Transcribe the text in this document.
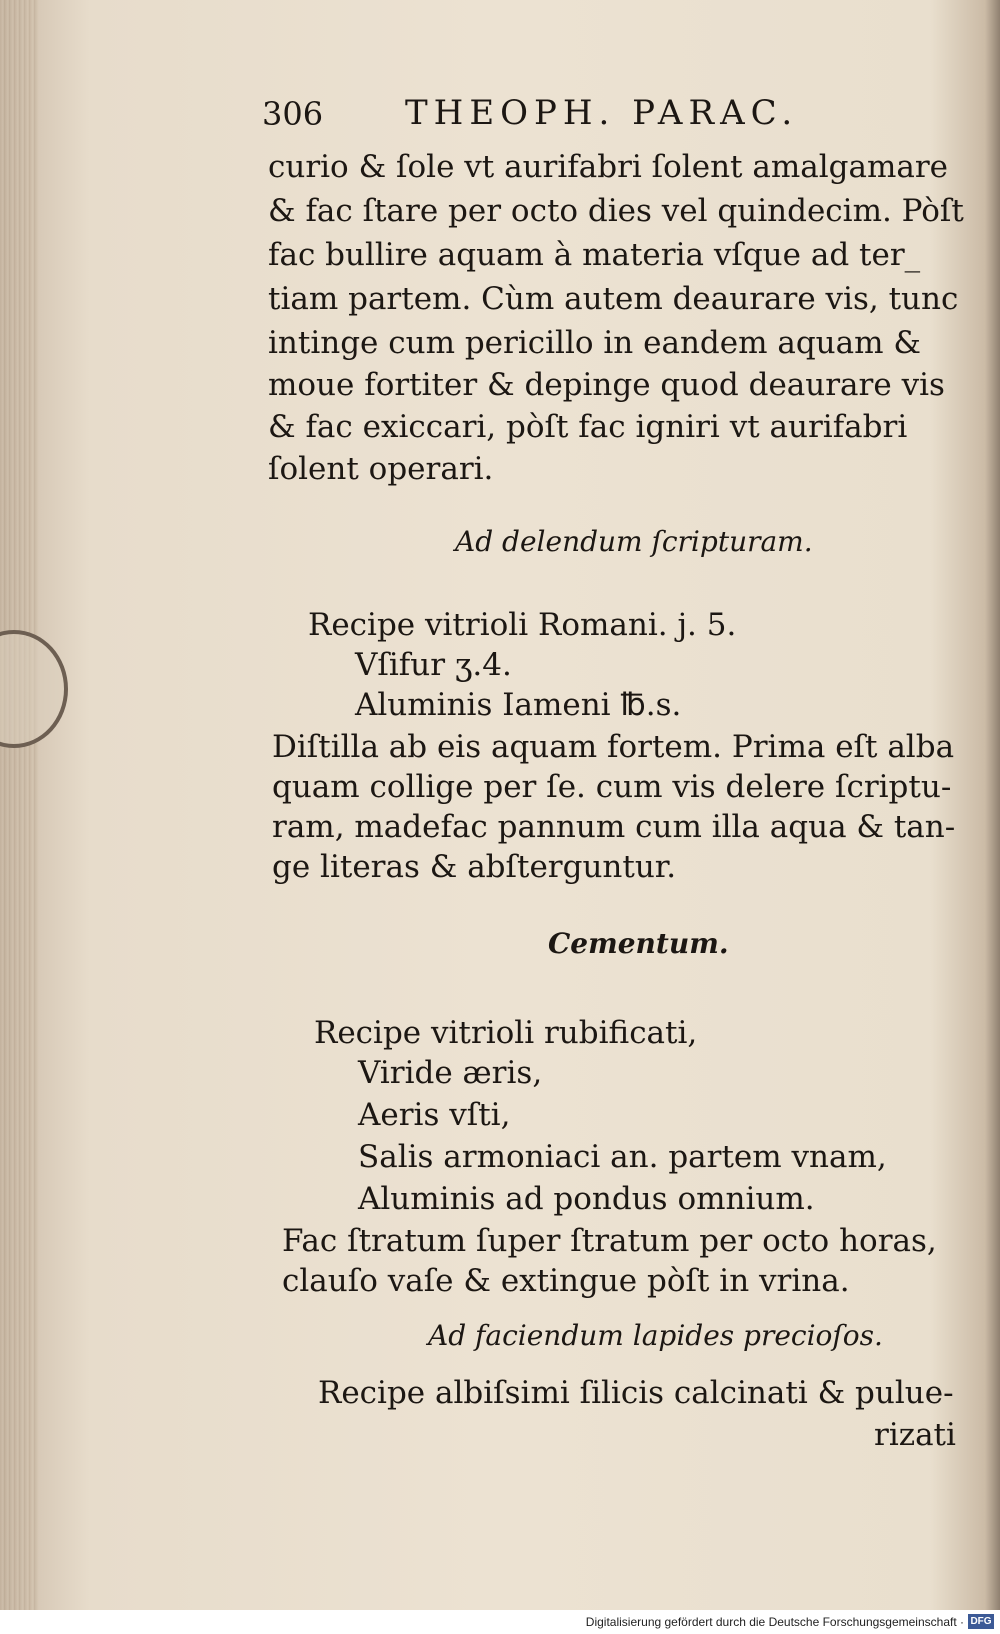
306 THEOPH. PARAC.
curio & ſole vt aurifabri ſolent amalgamare
& fac ſtare per octo dies vel quindecim. Pòſt
fac bullire aquam à materia vſque ad ter_
tiam partem. Cùm autem deaurare vis, tunc
intinge cum pericillo in eandem aquam &
moue fortiter & depinge quod deaurare vis
& fac exiccari, pòſt fac igniri vt aurifabri
ſolent operari.
Ad delendum ſcripturam.
Recipe vitrioli Romani. j. 5.
Vſifur ʒ.4.
Aluminis Iameni ℔.s.
Diſtilla ab eis aquam fortem. Prima eſt alba
quam collige per ſe. cum vis delere ſcriptu-
ram, madefac pannum cum illa aqua & tan-
ge literas & abſterguntur.
Cementum.
Recipe vitrioli rubificati,
Viride æris,
Aeris vſti,
Salis armoniaci an. partem vnam,
Aluminis ad pondus omnium.
Fac ſtratum ſuper ſtratum per octo horas,
clauſo vaſe & extingue pòſt in vrina.
Ad faciendum lapides precioſos.
Recipe albiſsimi ſilicis calcinati & pulue-
rizati
Digitalisierung gefördert durch die Deutsche Forschungsgemeinschaft · DFG
